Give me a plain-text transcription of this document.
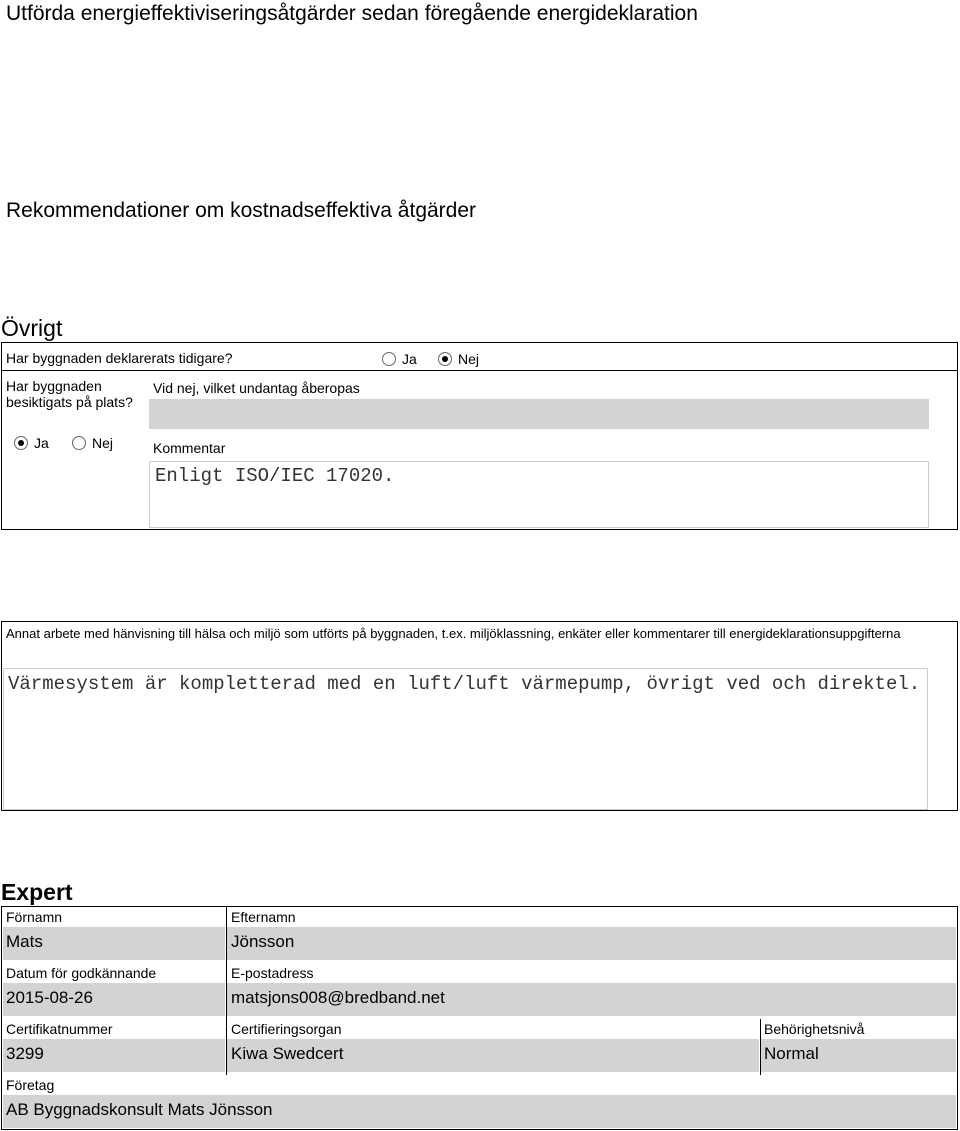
Utförda energieffektiviseringsåtgärder sedan föregående energideklaration
Rekommendationer om kostnadseffektiva åtgärder
Övrigt
Har byggnaden deklarerats tidigare?	Ja	Nej
Har byggnaden
besiktigats på plats?
Ja	Nej
Vid nej, vilket undantag åberopas
Kommentar
Enligt ISO/IEC 17020.
Annat arbete med hänvisning till hälsa och miljö som utförts på byggnaden, t.ex. miljöklassning, enkäter eller kommentarer till energideklarationsuppgifterna
Värmesystem är kompletterad med en luft/luft värmepump, övrigt ved och direktel.
Expert
Förnamn
Mats
Efternamn
Jönsson
Datum för godkännande
2015-08-26
E-postadress
matsjons008@bredband.net
Certifikatnummer
3299
Certifieringsorgan
Kiwa Swedcert
Behörighetsnivå
Normal
Företag
AB Byggnadskonsult Mats Jönsson
